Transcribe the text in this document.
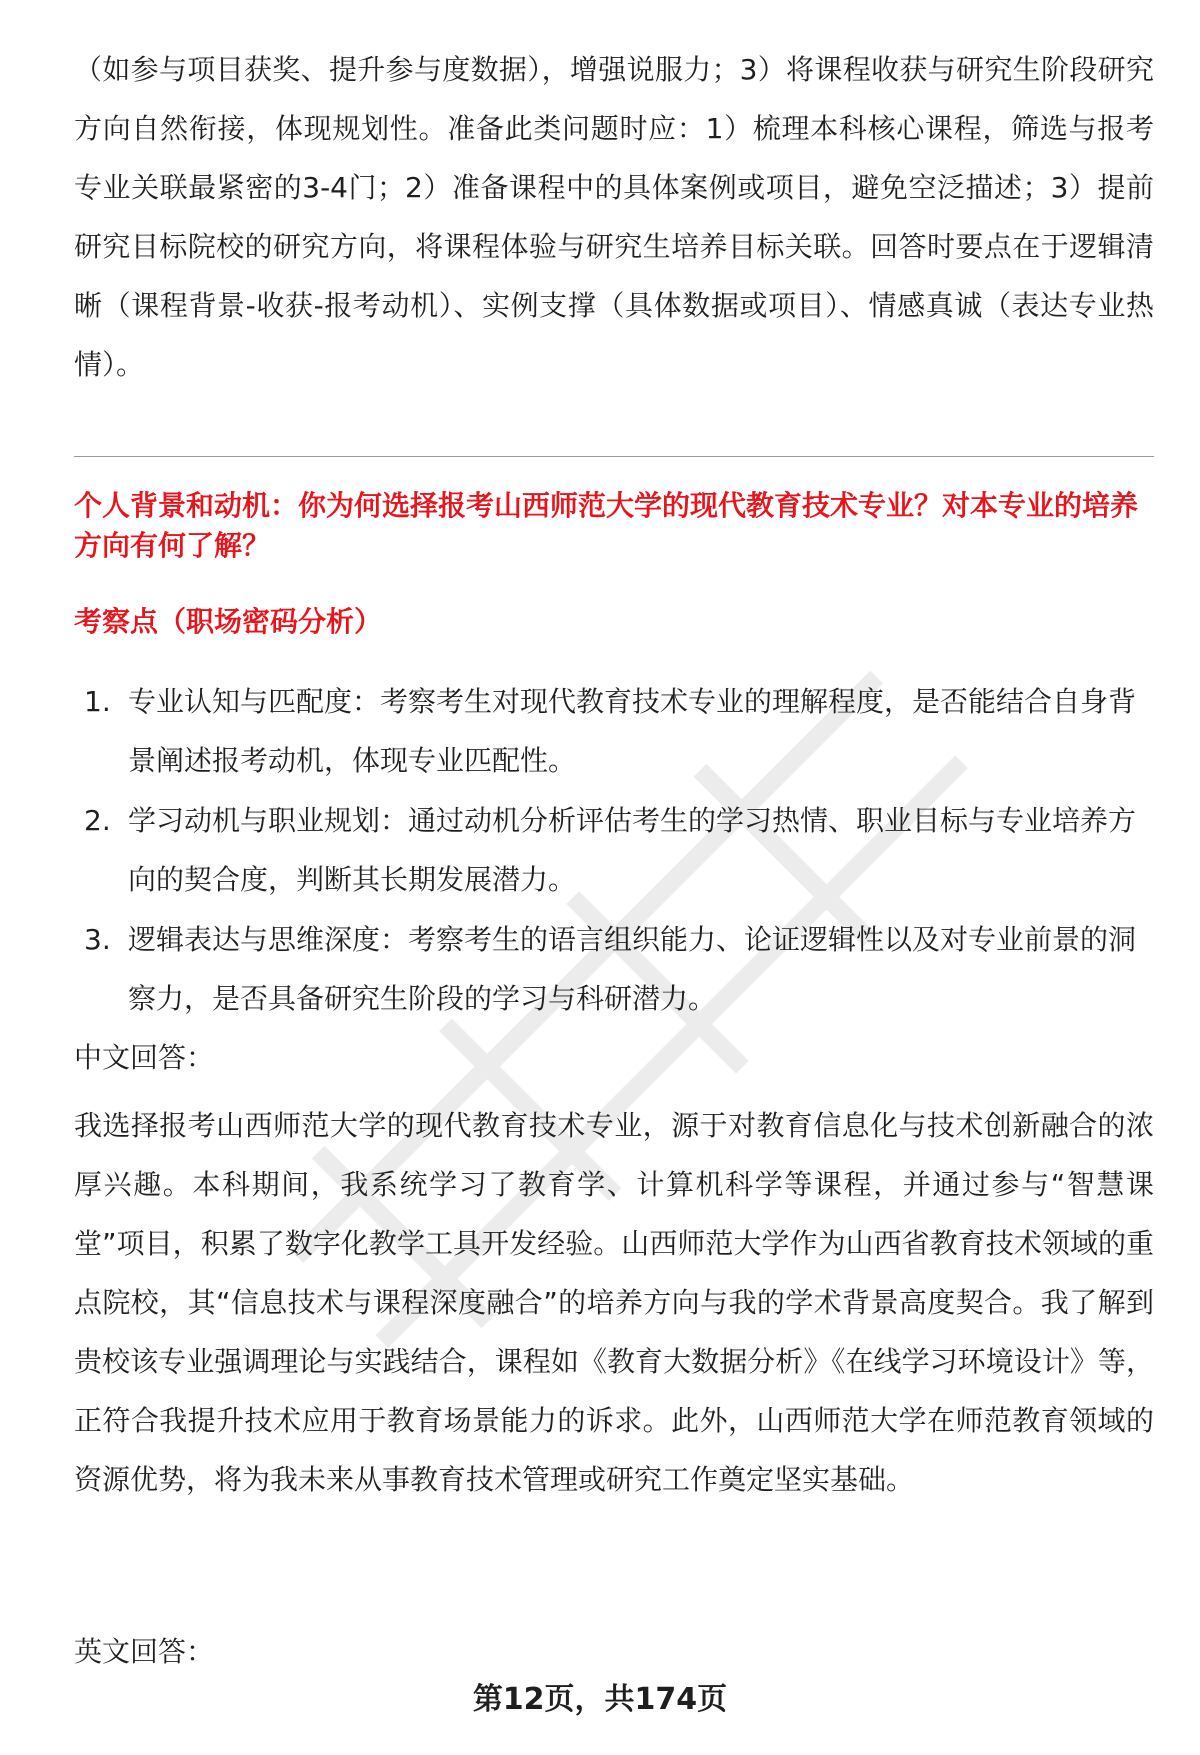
（如参与项目获奖、提升参与度数据），增强说服力；3）将课程收获与研究生阶段研究方向自然衔接，体现规划性。准备此类问题时应：1）梳理本科核心课程，筛选与报考专业关联最紧密的3-4门；2）准备课程中的具体案例或项目，避免空泛描述；3）提前研究目标院校的研究方向，将课程体验与研究生培养目标关联。回答时要点在于逻辑清晰（课程背景-收获-报考动机）、实例支撑（具体数据或项目）、情感真诚（表达专业热情）。

个人背景和动机：你为何选择报考山西师范大学的现代教育技术专业？对本专业的培养方向有何了解？

考察点（职场密码分析）

1. 专业认知与匹配度：考察考生对现代教育技术专业的理解程度，是否能结合自身背景阐述报考动机，体现专业匹配性。
2. 学习动机与职业规划：通过动机分析评估考生的学习热情、职业目标与专业培养方向的契合度，判断其长期发展潜力。
3. 逻辑表达与思维深度：考察考生的语言组织能力、论证逻辑性以及对专业前景的洞察力，是否具备研究生阶段的学习与科研潜力。

中文回答：

我选择报考山西师范大学的现代教育技术专业，源于对教育信息化与技术创新融合的浓厚兴趣。本科期间，我系统学习了教育学、计算机科学等课程，并通过参与“智慧课堂”项目，积累了数字化教学工具开发经验。山西师范大学作为山西省教育技术领域的重点院校，其“信息技术与课程深度融合”的培养方向与我的学术背景高度契合。我了解到贵校该专业强调理论与实践结合，课程如《教育大数据分析》《在线学习环境设计》等，正符合我提升技术应用于教育场景能力的诉求。此外，山西师范大学在师范教育领域的资源优势，将为我未来从事教育技术管理或研究工作奠定坚实基础。

英文回答：

第12页，共174页
